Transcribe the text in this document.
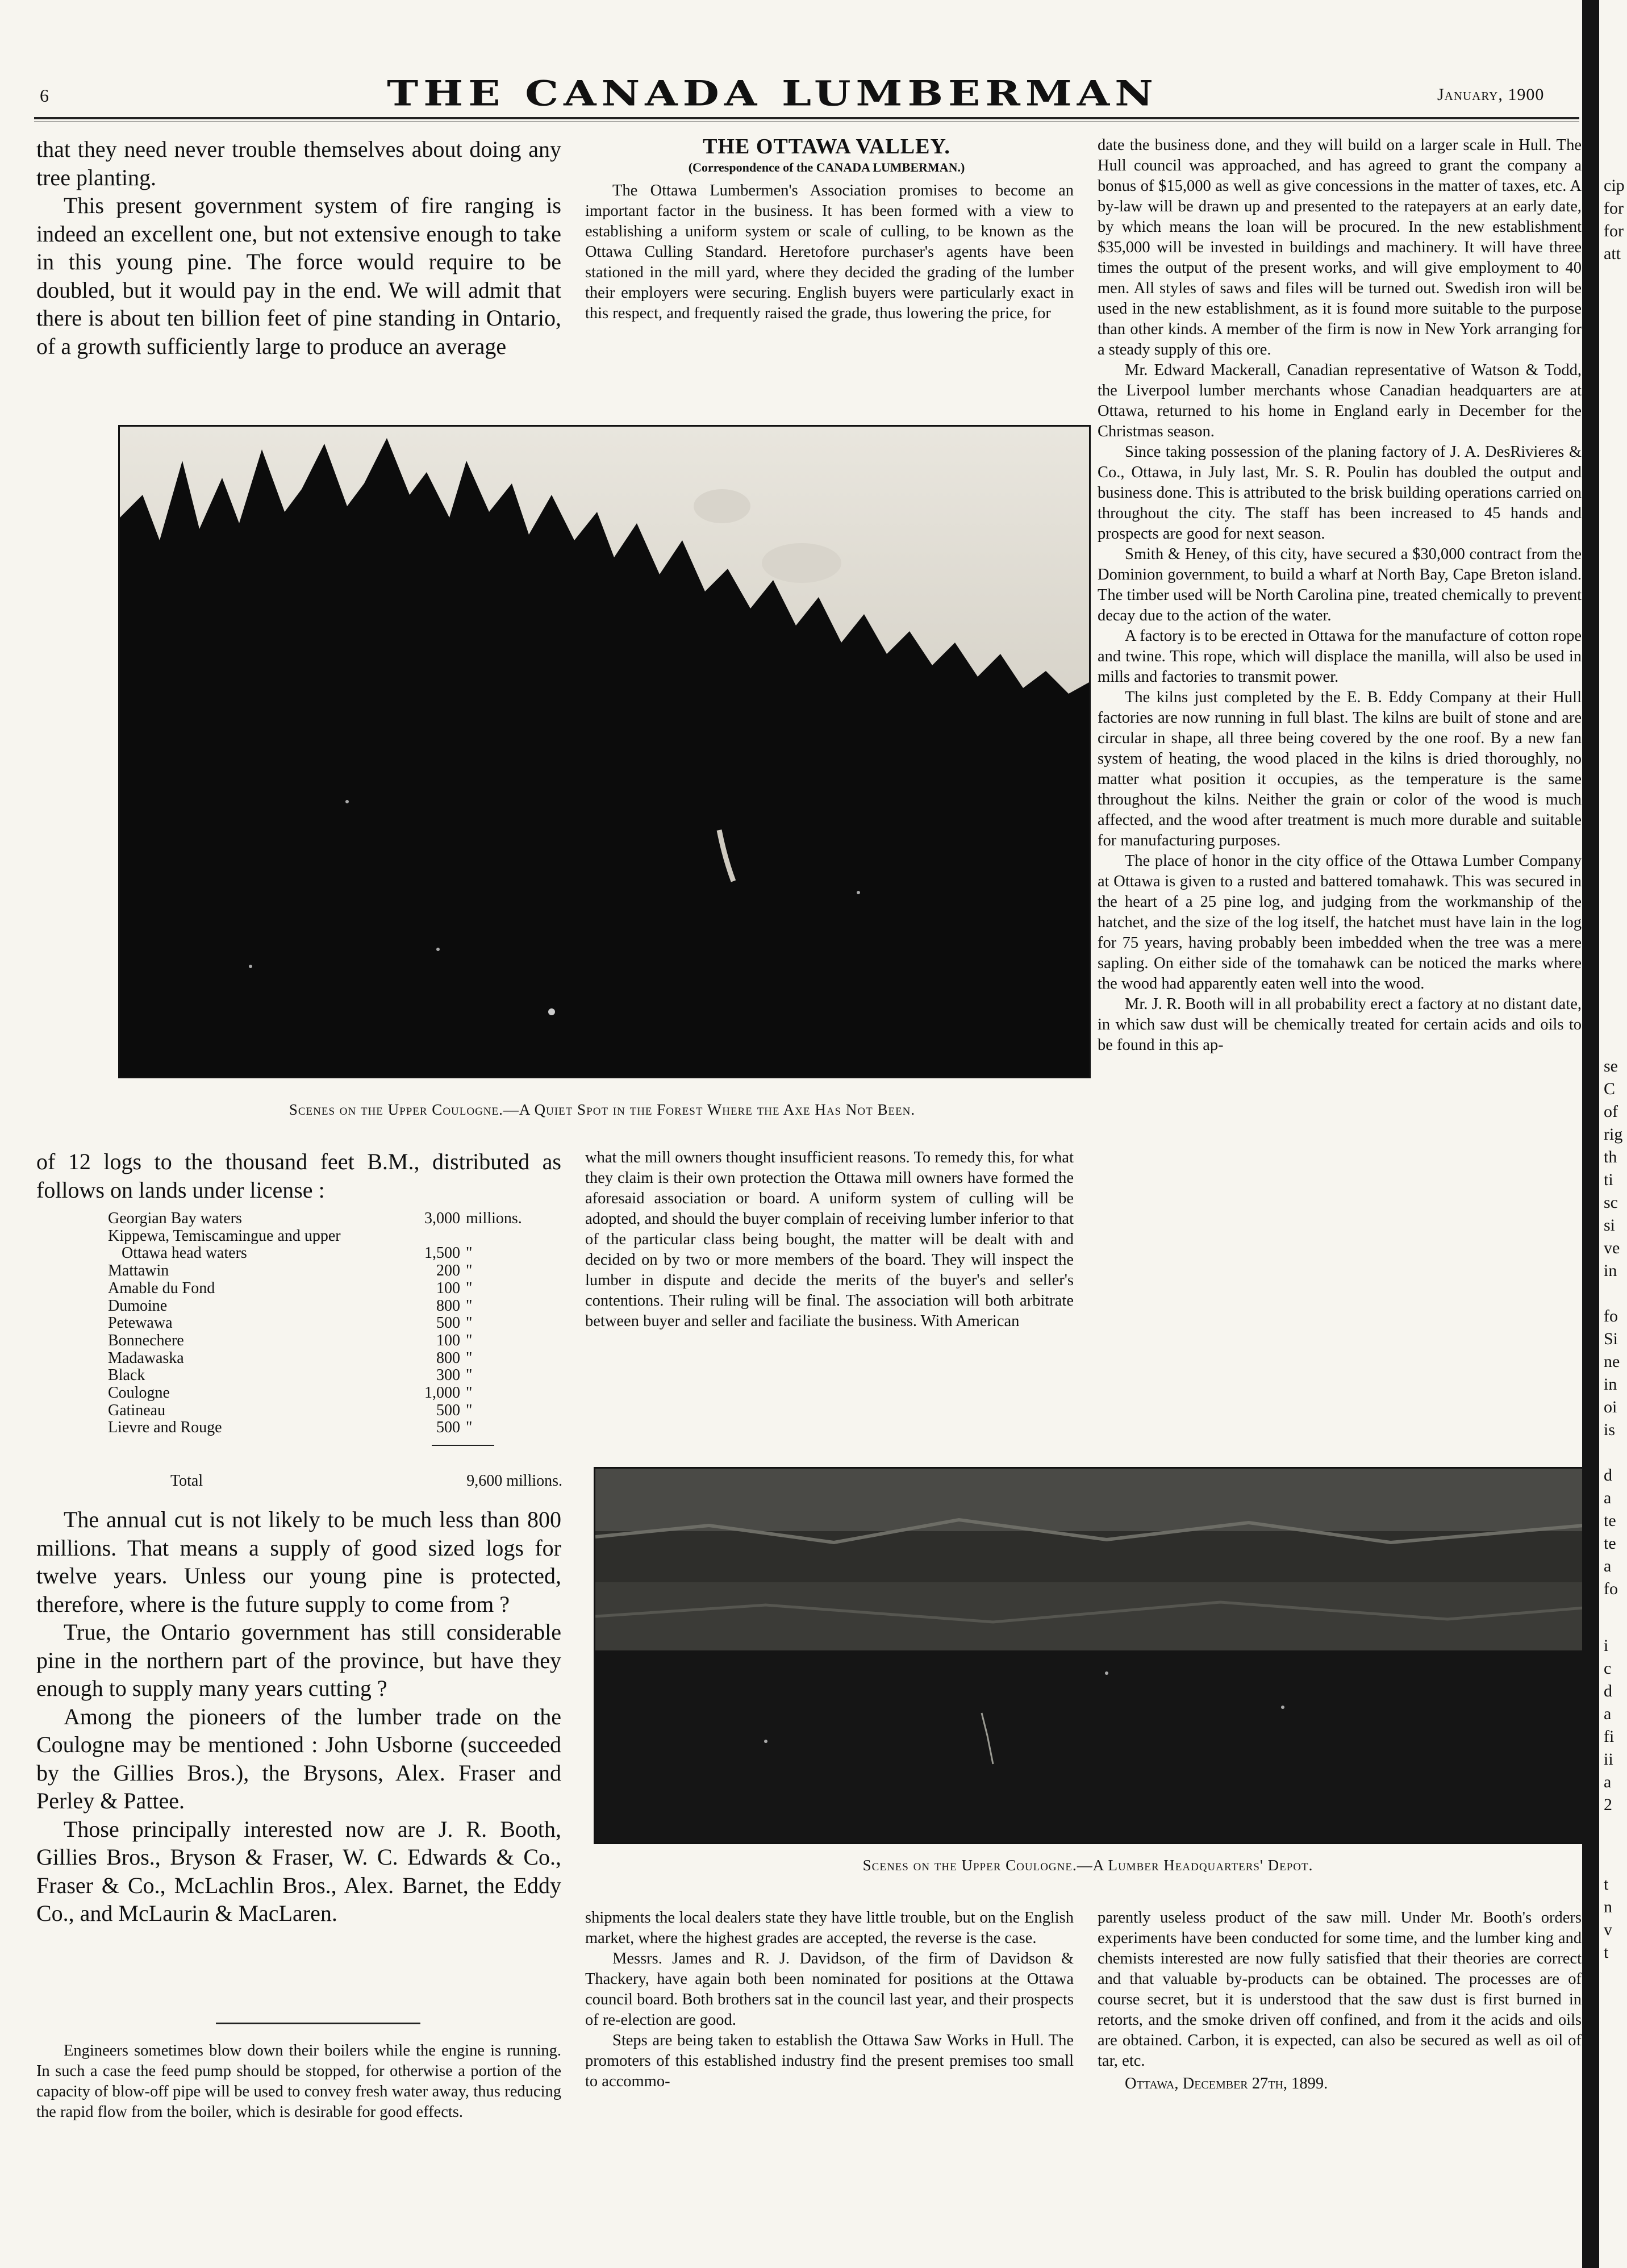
6	THE CANADA LUMBERMAN	January, 1900

that they need never trouble themselves about doing any tree planting.

This present government system of fire ranging is indeed an excellent one, but not extensive enough to take in this young pine. The force would require to be doubled, but it would pay in the end. We will admit that there is about ten billion feet of pine standing in Ontario, of a growth sufficiently large to produce an average

THE OTTAWA VALLEY.
(Correspondence of the CANADA LUMBERMAN.)

The Ottawa Lumbermen's Association promises to become an important factor in the business. It has been formed with a view to establishing a uniform system or scale of culling, to be known as the Ottawa Culling Standard. Heretofore purchaser's agents have been stationed in the mill yard, where they decided the grading of the lumber their employers were securing. English buyers were particularly exact in this respect, and frequently raised the grade, thus lowering the price, for

date the business done, and they will build on a larger scale in Hull. The Hull council was approached, and has agreed to grant the company a bonus of $15,000 as well as give concessions in the matter of taxes, etc. A by-law will be drawn up and presented to the ratepayers at an early date, by which means the loan will be procured. In the new establishment $35,000 will be invested in buildings and machinery. It will have three times the output of the present works, and will give employment to 40 men. All styles of saws and files will be turned out. Swedish iron will be used in the new establishment, as it is found more suitable to the purpose than other kinds. A member of the firm is now in New York arranging for a steady supply of this ore.

Mr. Edward Mackerall, Canadian representative of Watson & Todd, the Liverpool lumber merchants whose Canadian headquarters are at Ottawa, returned to his home in England early in December for the Christmas season.

Since taking possession of the planing factory of J. A. DesRivieres & Co., Ottawa, in July last, Mr. S. R. Poulin has doubled the output and business done. This is attributed to the brisk building operations carried on throughout the city. The staff has been increased to 45 hands and prospects are good for next season.

Smith & Heney, of this city, have secured a $30,000 contract from the Dominion government, to build a wharf at North Bay, Cape Breton island. The timber used will be North Carolina pine, treated chemically to prevent decay due to the action of the water.

A factory is to be erected in Ottawa for the manufacture of cotton rope and twine. This rope, which will displace the manilla, will also be used in mills and factories to transmit power.

The kilns just completed by the E. B. Eddy Company at their Hull factories are now running in full blast. The kilns are built of stone and are circular in shape, all three being covered by the one roof. By a new fan system of heating, the wood placed in the kilns is dried thoroughly, no matter what position it occupies, as the temperature is the same throughout the kilns. Neither the grain or color of the wood is much affected, and the wood after treatment is much more durable and suitable for manufacturing purposes.

The place of honor in the city office of the Ottawa Lumber Company at Ottawa is given to a rusted and battered tomahawk. This was secured in the heart of a 25 pine log, and judging from the workmanship of the hatchet, and the size of the log itself, the hatchet must have lain in the log for 75 years, having probably been imbedded when the tree was a mere sapling. On either side of the tomahawk can be noticed the marks where the wood had apparently eaten well into the wood.

Mr. J. R. Booth will in all probability erect a factory at no distant date, in which saw dust will be chemically treated for certain acids and oils to be found in this ap-

Scenes on the Upper Coulogne.—A Quiet Spot in the Forest Where the Axe Has Not Been.

of 12 logs to the thousand feet B.M., distributed as follows on lands under license :

Georgian Bay waters	3,000 millions.
Kippewa, Temiscamingue and upper
Ottawa head waters	1,500 "
Mattawin	200 "
Amable du Fond	100 "
Dumoine	800 "
Petewawa	500 "
Bonnechere	100 "
Madawaska	800 "
Black	300 "
Coulogne	1,000 "
Gatineau	500 "
Lievre and Rouge	500 "
Total	9,600 millions.

The annual cut is not likely to be much less than 800 millions. That means a supply of good sized logs for twelve years. Unless our young pine is protected, therefore, where is the future supply to come from ?

True, the Ontario government has still considerable pine in the northern part of the province, but have they enough to supply many years cutting ?

Among the pioneers of the lumber trade on the Coulogne may be mentioned : John Usborne (succeeded by the Gillies Bros.), the Brysons, Alex. Fraser and Perley & Pattee.

Those principally interested now are J. R. Booth, Gillies Bros., Bryson & Fraser, W. C. Edwards & Co., Fraser & Co., McLachlin Bros., Alex. Barnet, the Eddy Co., and McLaurin & MacLaren.

Engineers sometimes blow down their boilers while the engine is running. In such a case the feed pump should be stopped, for otherwise a portion of the capacity of blow-off pipe will be used to convey fresh water away, thus reducing the rapid flow from the boiler, which is desirable for good effects.

what the mill owners thought insufficient reasons. To remedy this, for what they claim is their own protection the Ottawa mill owners have formed the aforesaid association or board. A uniform system of culling will be adopted, and should the buyer complain of receiving lumber inferior to that of the particular class being bought, the matter will be dealt with and decided on by two or more members of the board. They will inspect the lumber in dispute and decide the merits of the buyer's and seller's contentions. Their ruling will be final. The association will both arbitrate between buyer and seller and faciliate the business. With American

Scenes on the Upper Coulogne.—A Lumber Headquarters' Depot.

shipments the local dealers state they have little trouble, but on the English market, where the highest grades are accepted, the reverse is the case.

Messrs. James and R. J. Davidson, of the firm of Davidson & Thackery, have again both been nominated for positions at the Ottawa council board. Both brothers sat in the council last year, and their prospects of re-election are good.

Steps are being taken to establish the Ottawa Saw Works in Hull. The promoters of this established industry find the present premises too small to accommo-

parently useless product of the saw mill. Under Mr. Booth's orders experiments have been conducted for some time, and the lumber king and chemists interested are now fully satisfied that their theories are correct and that valuable by-products can be obtained. The processes are of course secret, but it is understood that the saw dust is first burned in retorts, and the smoke driven off confined, and from it the acids and oils are obtained. Carbon, it is expected, can also be secured as well as oil of tar, etc.

Ottawa, December 27th, 1899.

cip
for
for
att
se
C
of
rig
th
ti
sc
si
ve
in
fo
Si
ne
in
oi
is
d
a
te
te
a
fo
i
c
d
a
fi
ii
a
2
t
n
v
t
